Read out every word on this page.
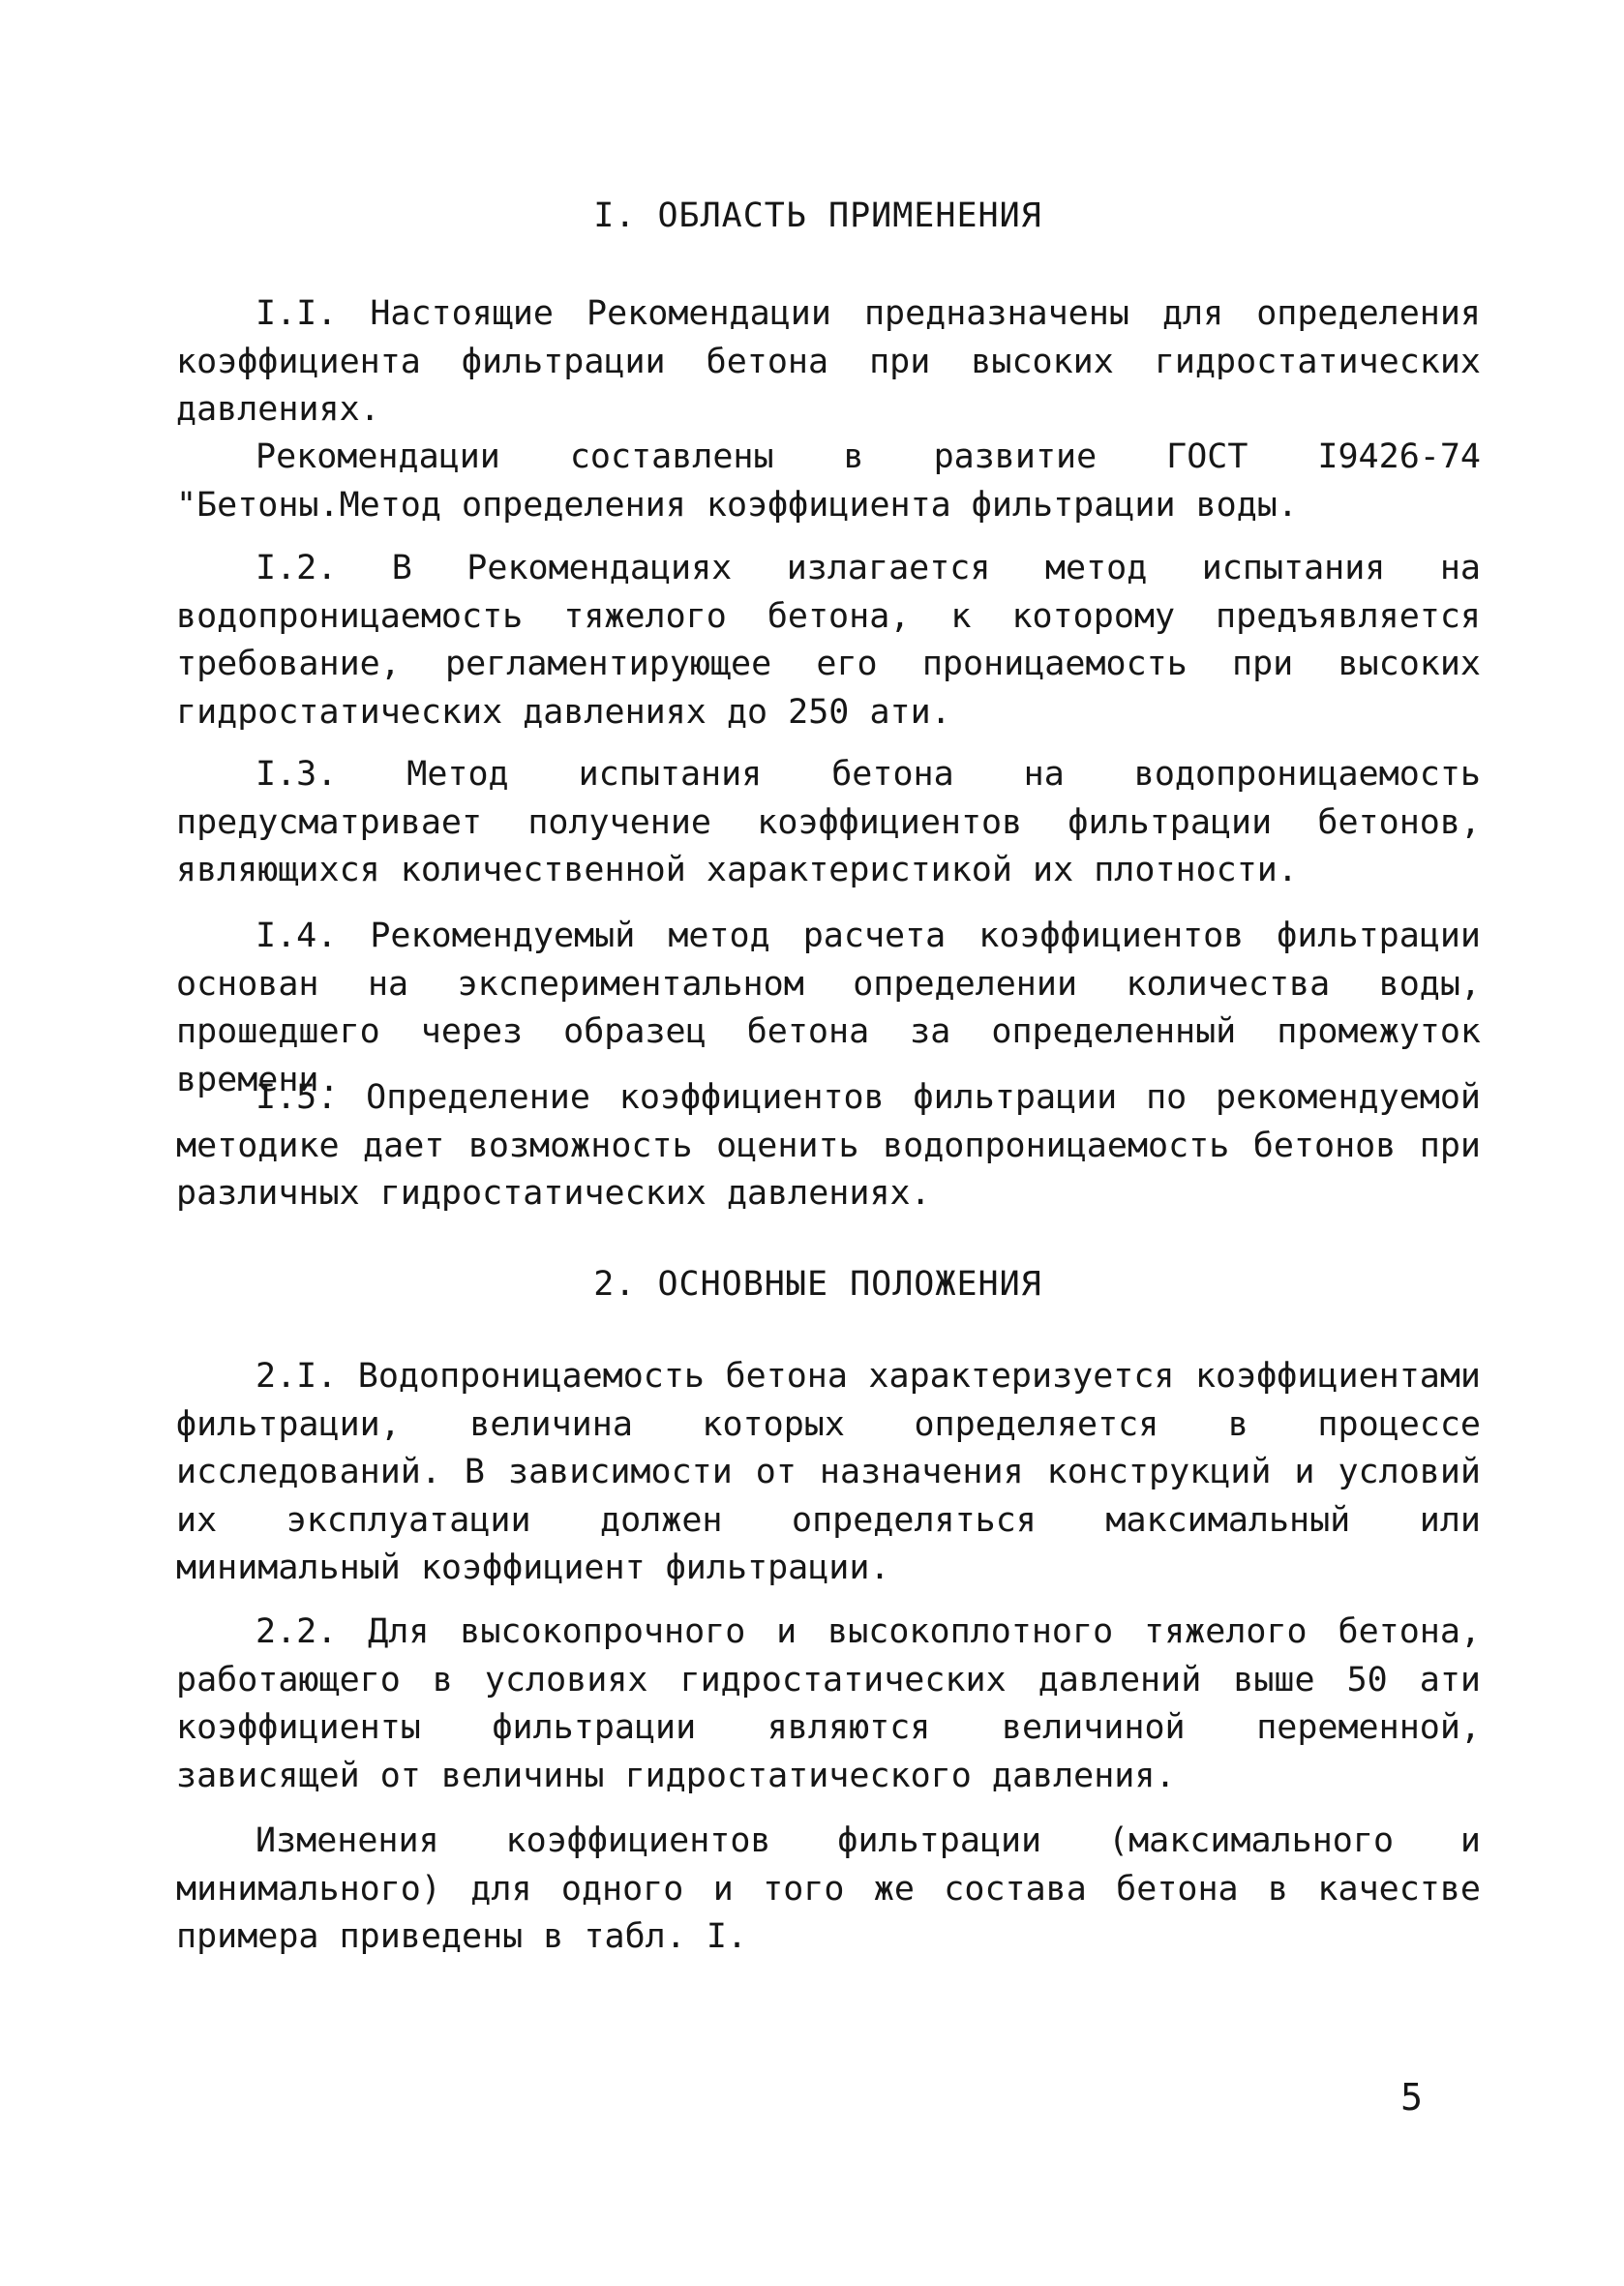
I. ОБЛАСТЬ ПРИМЕНЕНИЯ
I.I. Настоящие Рекомендации предназначены для определения коэффициента фильтрации бетона при высоких гидростатических давлениях.
Рекомендации составлены в развитие ГОСТ I9426-74 "Бетоны.Метод определения коэффициента фильтрации воды.
I.2. В Рекомендациях излагается метод испытания на водопроницаемость тяжелого бетона, к которому предъявляется требование, регламентирующее его проницаемость при высоких гидростатических давлениях до 250 ати.
I.3. Метод испытания бетона на водопроницаемость предусматривает получение коэффициентов фильтрации бетонов, являющихся количественной характеристикой их плотности.
I.4. Рекомендуемый метод расчета коэффициентов фильтрации основан на экспериментальном определении количества воды, прошедшего через образец бетона за определенный промежуток времени.
I.5. Определение коэффициентов фильтрации по рекомендуемой методике дает возможность оценить водопроницаемость бетонов при различных гидростатических давлениях.
2. ОСНОВНЫЕ ПОЛОЖЕНИЯ
2.I. Водопроницаемость бетона характеризуется коэффициентами фильтрации, величина которых определяется в процессе исследований. В зависимости от назначения конструкций и условий их эксплуатации должен определяться максимальный или минимальный коэффициент фильтрации.
2.2. Для высокопрочного и высокоплотного тяжелого бетона, работающего в условиях гидростатических давлений выше 50 ати коэффициенты фильтрации являются величиной переменной, зависящей от величины гидростатического давления.
Изменения коэффициентов фильтрации (максимального и минимального) для одного и того же состава бетона в качестве примера приведены в табл. I.
5
